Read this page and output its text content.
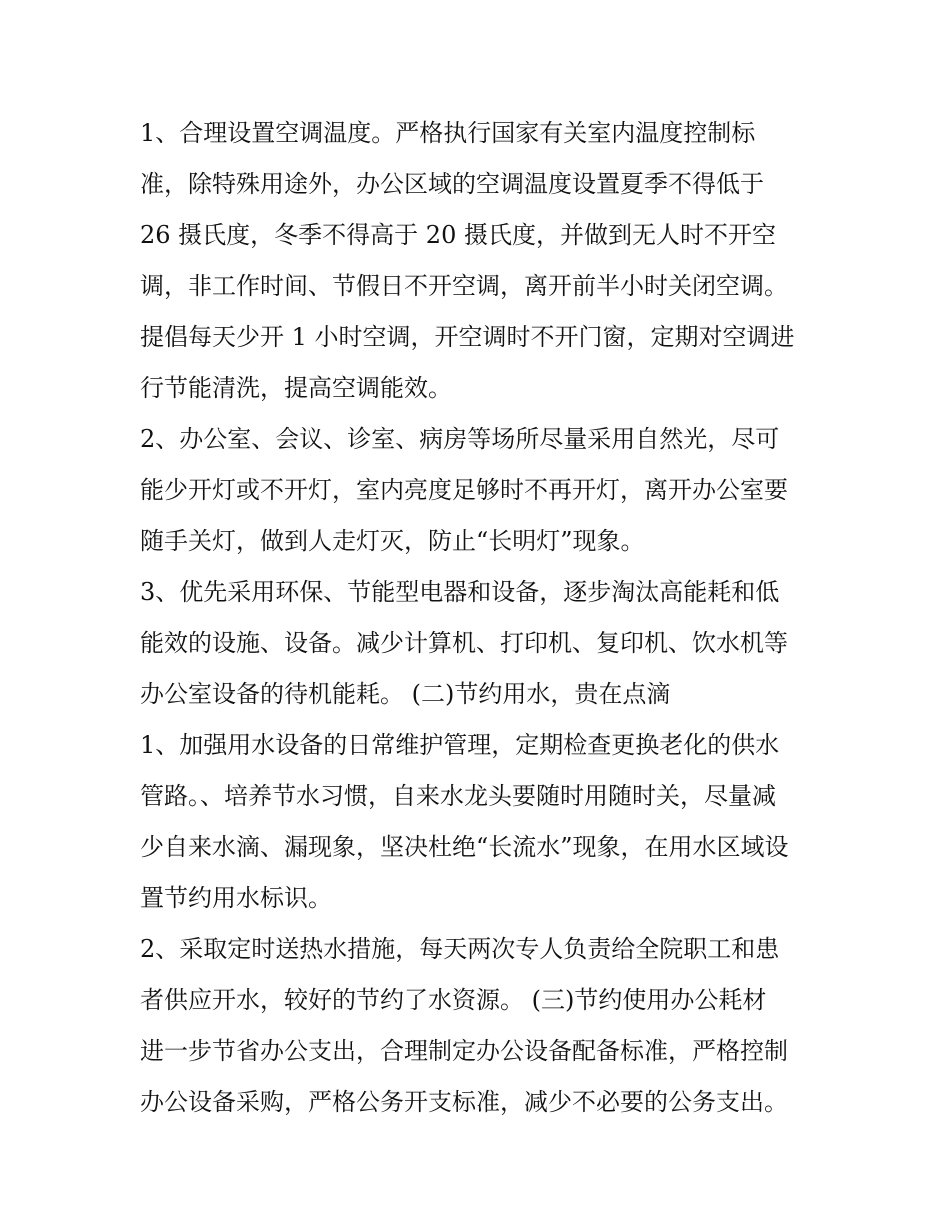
1、合理设置空调温度。严格执行国家有关室内温度控制标
准，除特殊用途外，办公区域的空调温度设置夏季不得低于
26 摄氏度，冬季不得高于 20 摄氏度，并做到无人时不开空
调，非工作时间、节假日不开空调，离开前半小时关闭空调。
提倡每天少开 1 小时空调，开空调时不开门窗，定期对空调进
行节能清洗，提高空调能效。
2、办公室、会议、诊室、病房等场所尽量采用自然光，尽可
能少开灯或不开灯，室内亮度足够时不再开灯，离开办公室要
随手关灯，做到人走灯灭，防止“长明灯”现象。
3、优先采用环保、节能型电器和设备，逐步淘汰高能耗和低
能效的设施、设备。减少计算机、打印机、复印机、饮水机等
办公室设备的待机能耗。 (二)节约用水，贵在点滴
1、加强用水设备的日常维护管理，定期检查更换老化的供水
管路。、培养节水习惯，自来水龙头要随时用随时关，尽量减
少自来水滴、漏现象，坚决杜绝“长流水”现象，在用水区域设
置节约用水标识。
2、采取定时送热水措施，每天两次专人负责给全院职工和患
者供应开水，较好的节约了水资源。 (三)节约使用办公耗材
进一步节省办公支出，合理制定办公设备配备标准，严格控制
办公设备采购，严格公务开支标准，减少不必要的公务支出。
